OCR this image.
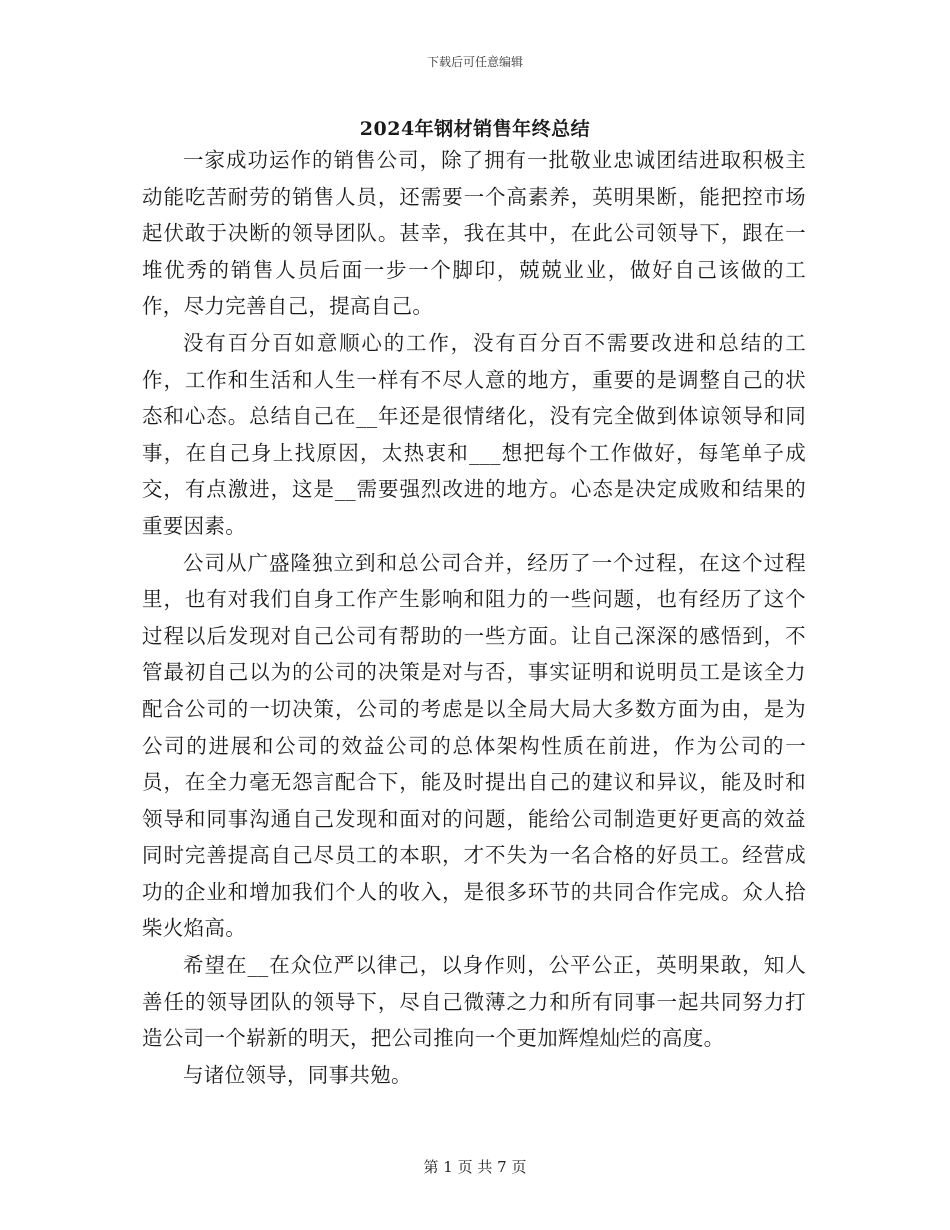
下载后可任意编辑
2024年钢材销售年终总结

一家成功运作的销售公司，除了拥有一批敬业忠诚团结进取积极主动能吃苦耐劳的销售人员，还需要一个高素养，英明果断，能把控市场起伏敢于决断的领导团队。甚幸，我在其中，在此公司领导下，跟在一堆优秀的销售人员后面一步一个脚印，兢兢业业，做好自己该做的工作，尽力完善自己，提高自己。

没有百分百如意顺心的工作，没有百分百不需要改进和总结的工作，工作和生活和人生一样有不尽人意的地方，重要的是调整自己的状态和心态。总结自己在__年还是很情绪化，没有完全做到体谅领导和同事，在自己身上找原因，太热衷和___想把每个工作做好，每笔单子成交，有点激进，这是__需要强烈改进的地方。心态是决定成败和结果的重要因素。

公司从广盛隆独立到和总公司合并，经历了一个过程，在这个过程里，也有对我们自身工作产生影响和阻力的一些问题，也有经历了这个过程以后发现对自己公司有帮助的一些方面。让自己深深的感悟到，不管最初自己以为的公司的决策是对与否，事实证明和说明员工是该全力配合公司的一切决策，公司的考虑是以全局大局大多数方面为由，是为公司的进展和公司的效益公司的总体架构性质在前进，作为公司的一员，在全力毫无怨言配合下，能及时提出自己的建议和异议，能及时和领导和同事沟通自己发现和面对的问题，能给公司制造更好更高的效益同时完善提高自己尽员工的本职，才不失为一名合格的好员工。经营成功的企业和增加我们个人的收入，是很多环节的共同合作完成。众人拾柴火焰高。

希望在__在众位严以律己，以身作则，公平公正，英明果敢，知人善任的领导团队的领导下，尽自己微薄之力和所有同事一起共同努力打造公司一个崭新的明天，把公司推向一个更加辉煌灿烂的高度。

与诸位领导，同事共勉。

第 1 页 共 7 页
